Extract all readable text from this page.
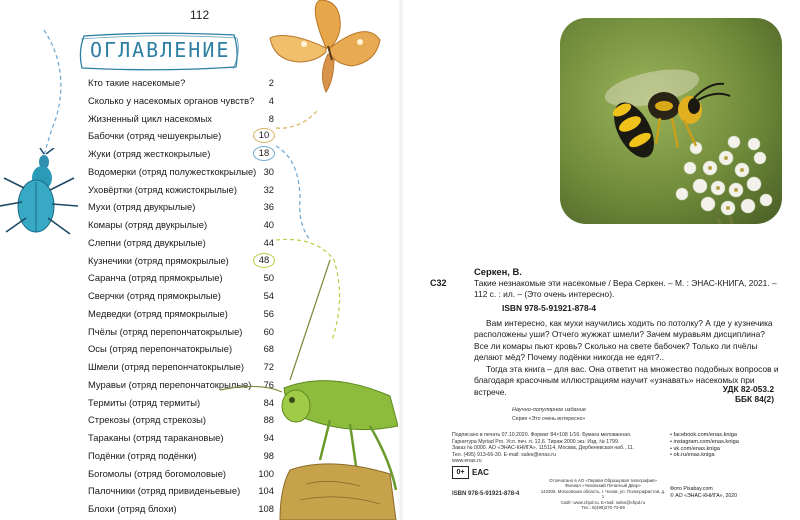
112
ОГЛАВЛЕНИЕ
Кто такие насекомые?	2
Сколько у насекомых органов чувств?	4
Жизненный цикл насекомых	8
Бабочки (отряд чешуекрылые)	10
Жуки (отряд жесткокрылые)	18
Водомерки (отряд полужесткокрылые) 30
Уховёртки (отряд кожистокрылые)	32
Мухи (отряд двукрылые)	36
Комары (отряд двукрылые)	40
Слепни (отряд двукрылые)	44
Кузнечики (отряд прямокрылые)	48
Саранча (отряд прямокрылые)	50
Сверчки (отряд прямокрылые)	54
Медведки (отряд прямокрылые)	56
Пчёлы (отряд перепончатокрылые)	60
Осы (отряд перепончатокрылые)	68
Шмели (отряд перепончатокрылые)	72
Муравьи (отряд перепончатокрылые)	76
Термиты (отряд термиты)	84
Стрекозы (отряд стрекозы)	88
Тараканы (отряд таракановые)	94
Подёнки (отряд подёнки)	98
Богомолы (отряд богомоловые)	100
Палочники (отряд привиденьевые)	104
Блохи (отряд блохи)	108
С32
Серкен, В.
Такие незнакомые эти насекомые / Вера Серкен. – М. : ЭНАС-КНИГА, 2021. – 112 с. : ил. – (Это очень интересно).
ISBN 978-5-91921-878-4
Вам интересно, как мухи научились ходить по потолку? А где у кузнечика расположены уши? Отчего жужжат шмели? Зачем муравьям дисциплина? Все ли комары пьют кровь? Сколько на свете бабочек? Только ли пчёлы делают мёд? Почему подёнки никогда не едят?..
Тогда эта книга – для вас. Она ответит на множество подобных вопросов и благодаря красочным иллюстрациям научит «узнавать» насекомых при встрече.	УДК 82-053.2
ББК 84(2)
Научно-популярное издание
Серия «Это очень интересно»
Подписано в печать 07.10.2020. Формат 84×108 1/16. Бумага мелованная.
Гарнитура Myriad Pro. Усл. печ. л. 12,6. Тираж 2000 экз. Изд. № 1799.
Заказ № 0000. АО «ЭНАС-КНИГА». 115114, Москва, Дербеневская наб., 11.
Тел. (495) 913-66-30. E-mail: sales@enas.ru
www.enas.ru
0+ EAC
ISBN 978-5-91921-878-4
Отпечатано в АО «Первая Образцовая типография»
Филиал «Чеховский Печатный Двор»
142300, Московская область, г. Чехов, ул. Полиграфистов, д. 1
Сайт: www.chpd.ru. E-mail: sales@chpd.ru
Тел.: 8(499)270-73-59
• facebook.com/enas.kniga
• instagram.com/enas.kniga
• vk.com/enas.kniga
• ok.ru/enas.kniga
Фото Pixabay.com
© АО «ЭНАС-КНИГА», 2020
